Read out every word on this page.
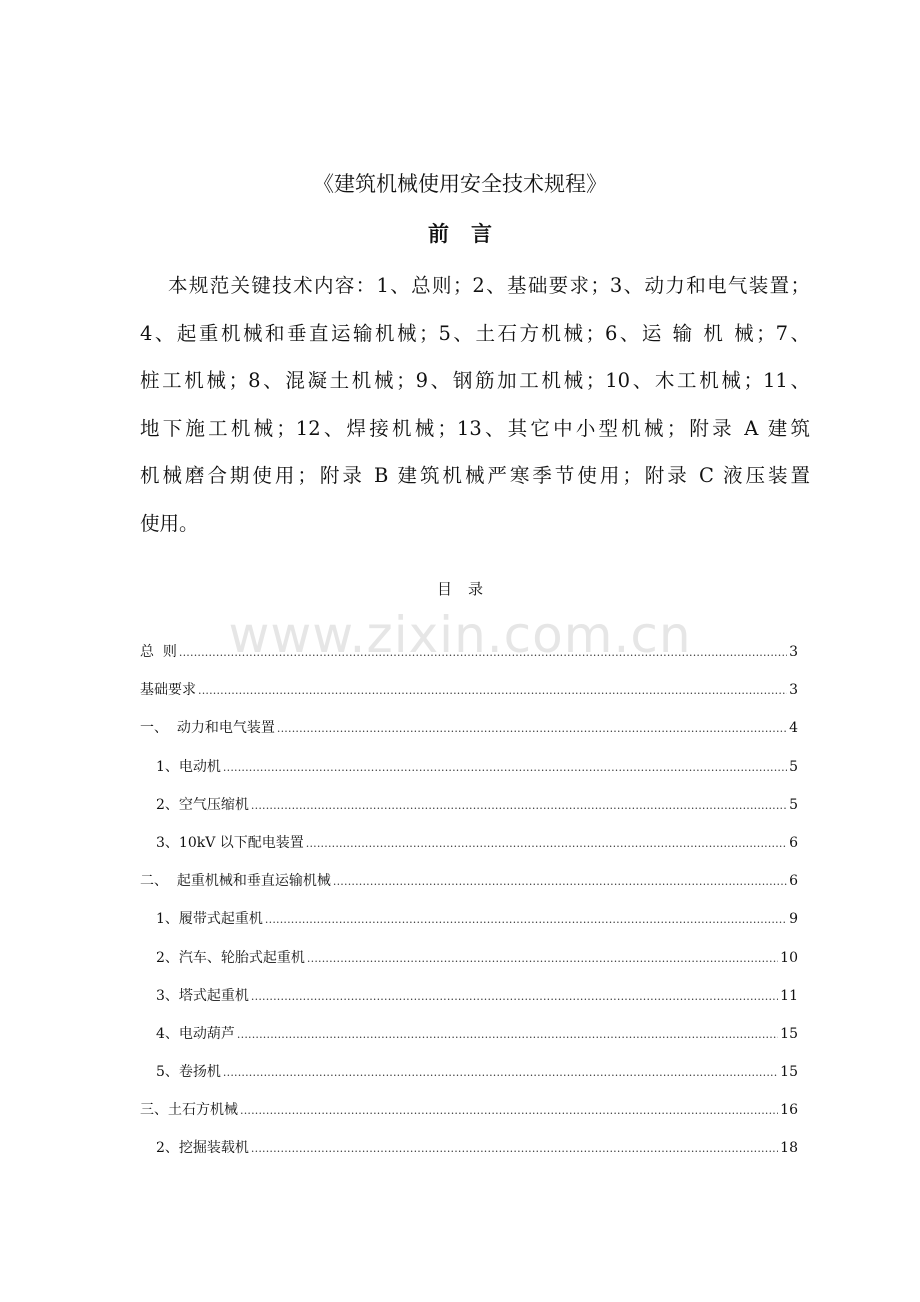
《建筑机械使用安全技术规程》
前言
本规范关键技术内容：1、总则；2、基础要求；3、动力和电气装置；
4、起重机械和垂直运输机械；5、土石方机械；6、运 输 机 械；7、
桩工机械；8、混凝土机械；9、钢筋加工机械；10、木工机械；11、
地下施工机械；12、焊接机械；13、其它中小型机械；附录 A 建筑
机械磨合期使用；附录 B 建筑机械严寒季节使用；附录 C 液压装置
使用。
目录
www.zixin.com.cn
总  则 .....	3
基础要求 .....	3
一、  动力和电气装置 .....	4
1、电动机 .....	5
2、空气压缩机 .....	5
3、10kV 以下配电装置 .....	6
二、  起重机械和垂直运输机械 .....	6
1、履带式起重机 .....	9
2、汽车、轮胎式起重机 .....	10
3、塔式起重机 .....	11
4、电动葫芦 .....	15
5、卷扬机 .....	15
三、土石方机械 .....	16
2、挖掘装载机 .....	18
